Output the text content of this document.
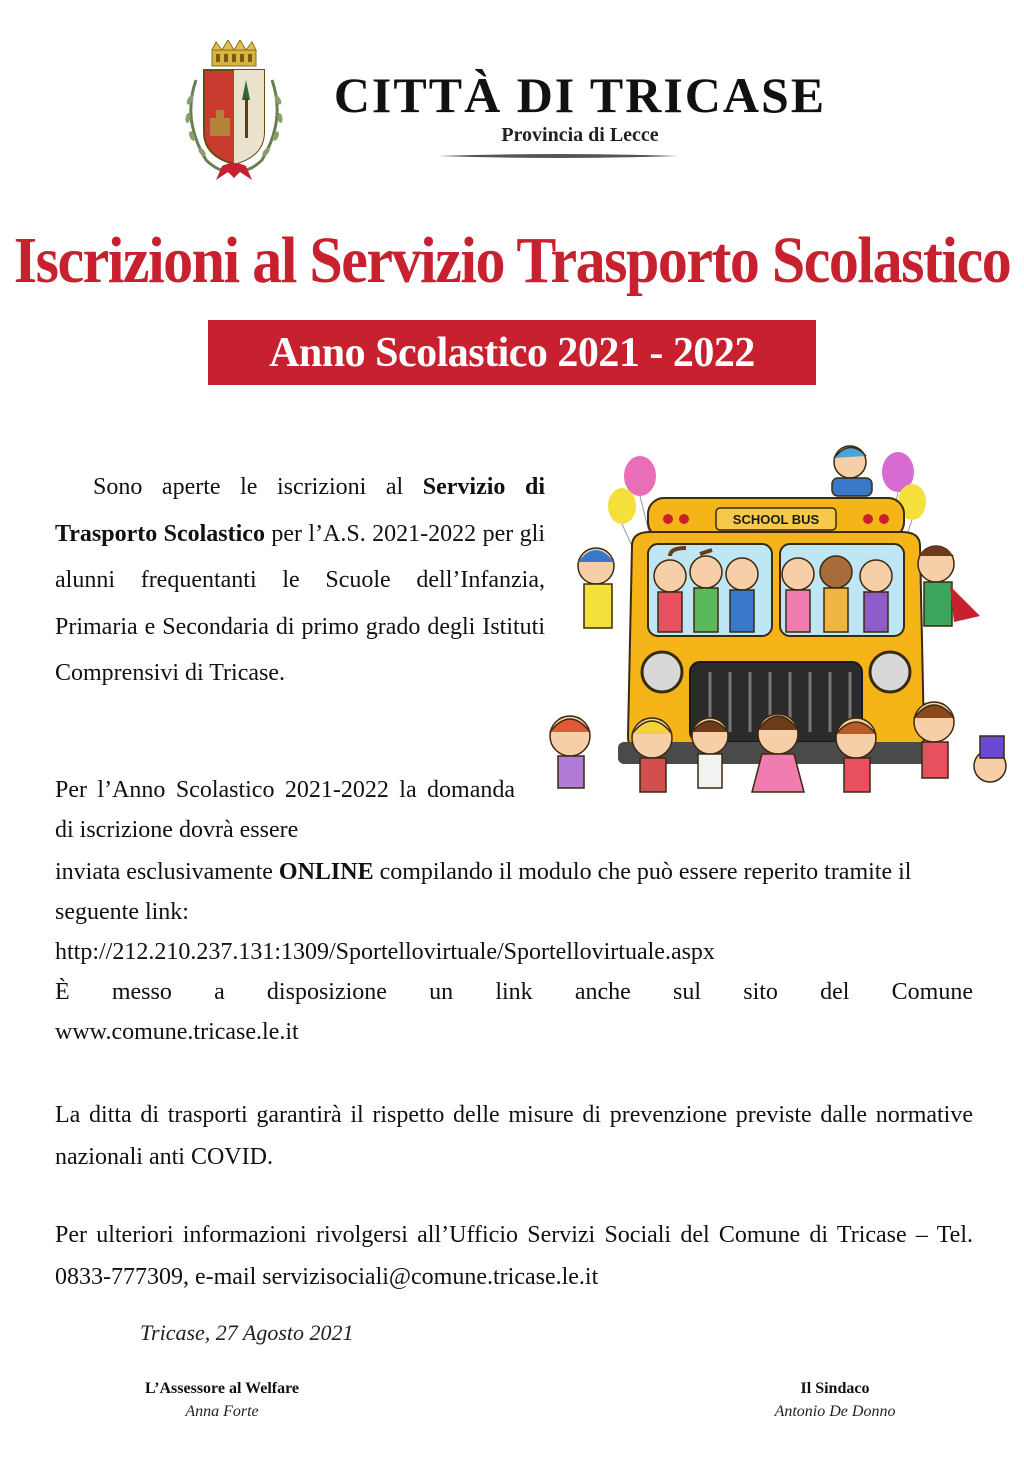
CITTÀ DI TRICASE
Provincia di Lecce
Iscrizioni al Servizio Trasporto Scolastico
Anno Scolastico 2021 - 2022
Sono aperte le iscrizioni al Servizio di Trasporto Scolastico per l’A.S. 2021-2022 per gli alunni frequentanti le Scuole dell’Infanzia, Primaria e Secondaria di primo grado degli Istituti Comprensivi di Tricase.
SCHOOL BUS
Per l’Anno Scolastico 2021-2022 la domanda di iscrizione dovrà essere
inviata esclusivamente ONLINE compilando il modulo che può essere reperito tramite il seguente link:
http://212.210.237.131:1309/Sportellovirtuale/Sportellovirtuale.aspx
È messo a disposizione un link anche sul sito del Comune
www.comune.tricase.le.it
La ditta di trasporti garantirà il rispetto delle misure di prevenzione previste dalle normative nazionali anti COVID.
Per ulteriori informazioni rivolgersi all’Ufficio Servizi Sociali del Comune di Tricase – Tel. 0833-777309, e-mail servizisociali@comune.tricase.le.it
Tricase, 27 Agosto 2021
L’Assessore al Welfare
Anna Forte
Il Sindaco
Antonio De Donno
